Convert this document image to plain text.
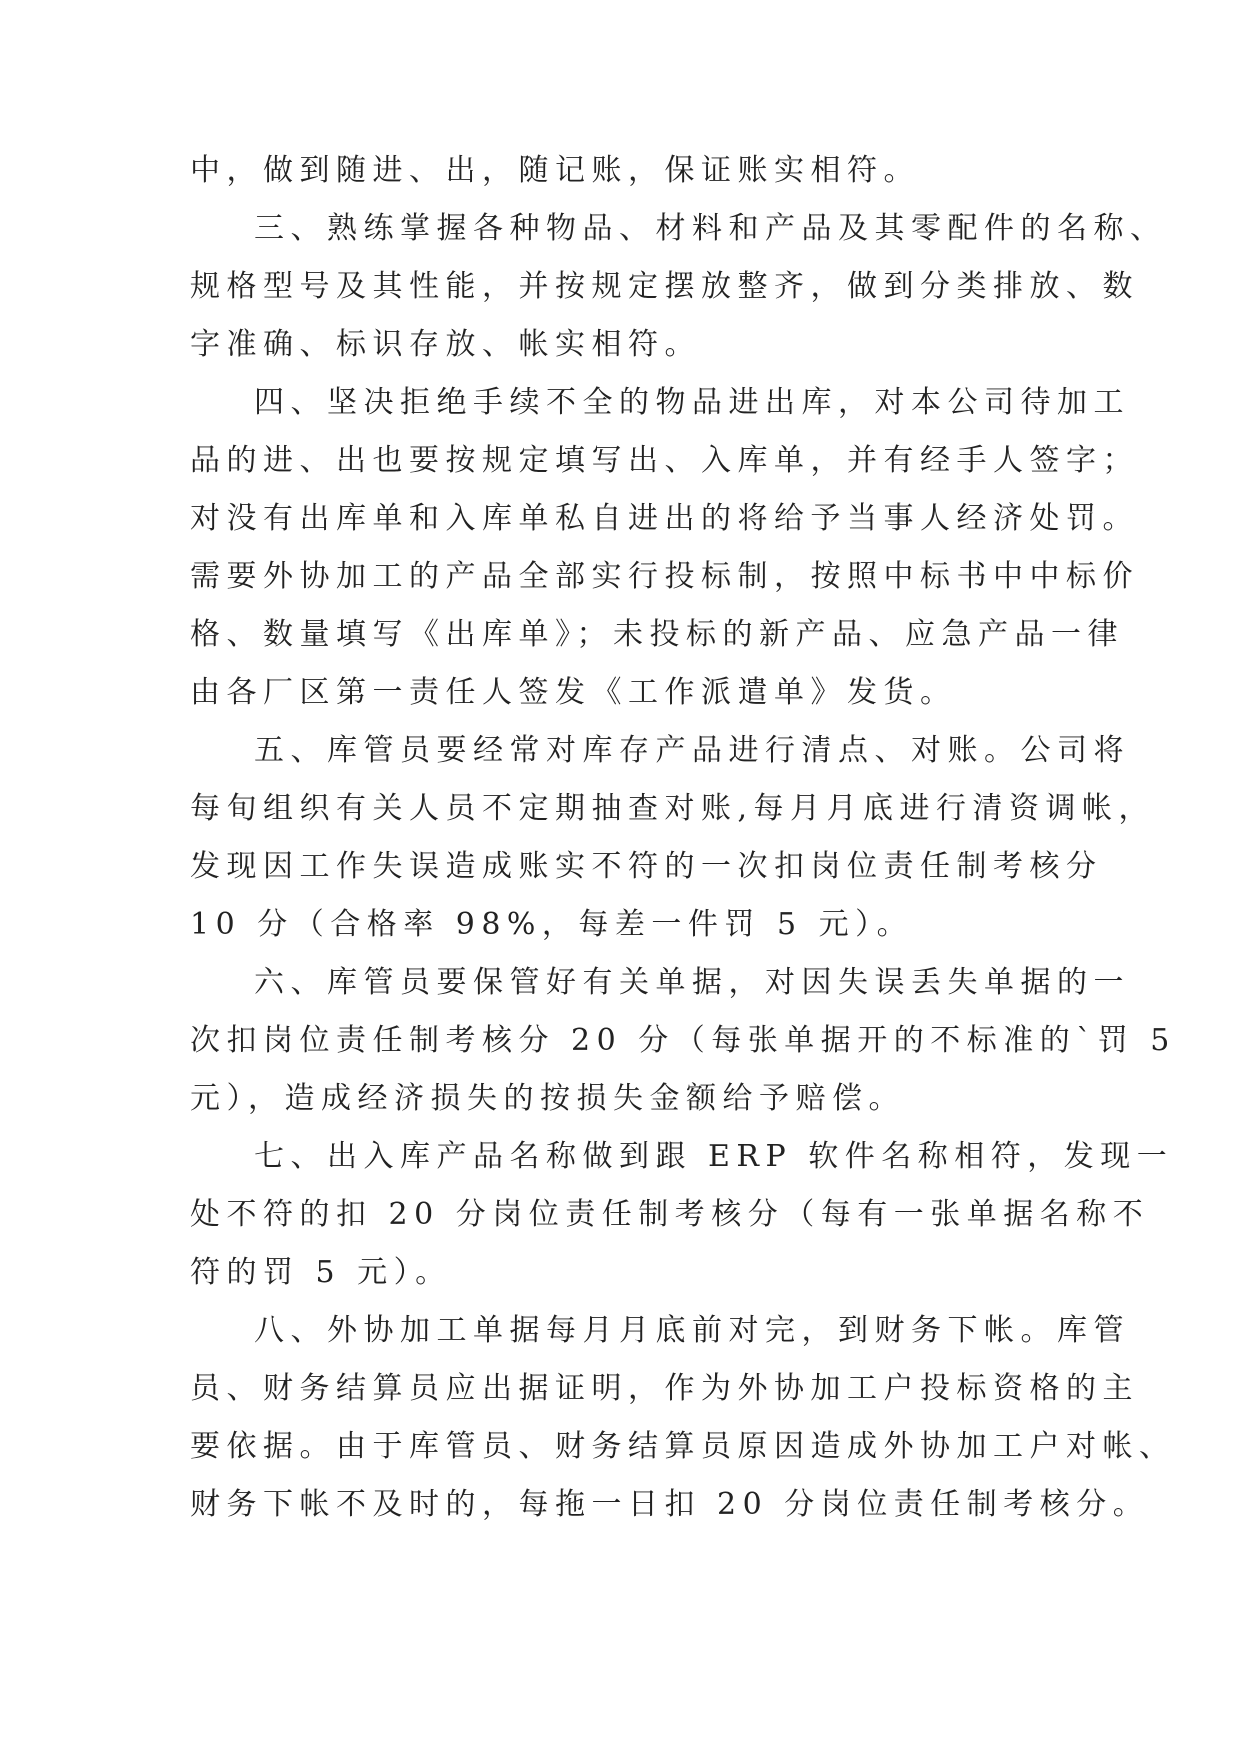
中，做到随进、出，随记账，保证账实相符。
三、熟练掌握各种物品、材料和产品及其零配件的名称、
规格型号及其性能，并按规定摆放整齐，做到分类排放、数
字准确、标识存放、帐实相符。
四、坚决拒绝手续不全的物品进出库，对本公司待加工
品的进、出也要按规定填写出、入库单，并有经手人签字；
对没有出库单和入库单私自进出的将给予当事人经济处罚。
需要外协加工的产品全部实行投标制，按照中标书中中标价
格、数量填写《出库单》；未投标的新产品、应急产品一律
由各厂区第一责任人签发《工作派遣单》发货。
五、库管员要经常对库存产品进行清点、对账。公司将
每旬组织有关人员不定期抽查对账,每月月底进行清资调帐，
发现因工作失误造成账实不符的一次扣岗位责任制考核分
10 分（合格率 98%，每差一件罚 5 元）。
六、库管员要保管好有关单据，对因失误丢失单据的一
次扣岗位责任制考核分 20 分（每张单据开的不标准的`罚 5
元），造成经济损失的按损失金额给予赔偿。
七、出入库产品名称做到跟 ERP 软件名称相符，发现一
处不符的扣 20 分岗位责任制考核分（每有一张单据名称不
符的罚 5 元）。
八、外协加工单据每月月底前对完，到财务下帐。库管
员、财务结算员应出据证明，作为外协加工户投标资格的主
要依据。由于库管员、财务结算员原因造成外协加工户对帐、
财务下帐不及时的，每拖一日扣 20 分岗位责任制考核分。
